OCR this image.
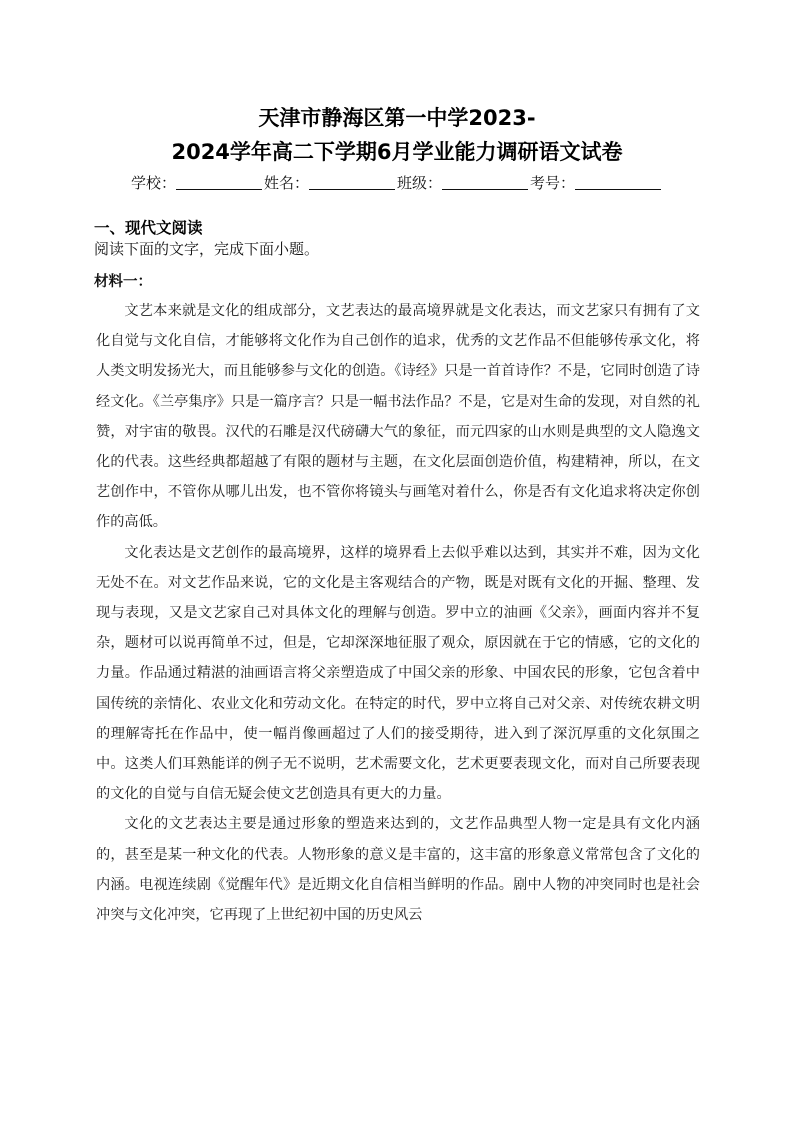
天津市静海区第一中学2023-
2024学年高二下学期6月学业能力调研语文试卷
学校：	姓名：	班级：	考号：
一、现代文阅读
阅读下面的文字，完成下面小题。
材料一：

文艺本来就是文化的组成部分，文艺表达的最高境界就是文化表达，而文艺家只有拥有了文化自觉与文化自信，才能够将文化作为自己创作的追求，优秀的文艺作品不但能够传承文化，将人类文明发扬光大，而且能够参与文化的创造。《诗经》只是一首首诗作？不是，它同时创造了诗经文化。《兰亭集序》只是一篇序言？只是一幅书法作品？不是，它是对生命的发现，对自然的礼赞，对宇宙的敬畏。汉代的石雕是汉代磅礴大气的象征，而元四家的山水则是典型的文人隐逸文化的代表。这些经典都超越了有限的题材与主题，在文化层面创造价值，构建精神，所以，在文艺创作中，不管你从哪儿出发，也不管你将镜头与画笔对着什么，你是否有文化追求将决定你创作的高低。

文化表达是文艺创作的最高境界，这样的境界看上去似乎难以达到，其实并不难，因为文化无处不在。对文艺作品来说，它的文化是主客观结合的产物，既是对既有文化的开掘、整理、发现与表现，又是文艺家自己对具体文化的理解与创造。罗中立的油画《父亲》，画面内容并不复杂，题材可以说再简单不过，但是，它却深深地征服了观众，原因就在于它的情感，它的文化的力量。作品通过精湛的油画语言将父亲塑造成了中国父亲的形象、中国农民的形象，它包含着中国传统的亲情化、农业文化和劳动文化。在特定的时代，罗中立将自己对父亲、对传统农耕文明的理解寄托在作品中，使一幅肖像画超过了人们的接受期待，进入到了深沉厚重的文化氛围之中。这类人们耳熟能详的例子无不说明，艺术需要文化，艺术更要表现文化，而对自己所要表现的文化的自觉与自信无疑会使文艺创造具有更大的力量。

文化的文艺表达主要是通过形象的塑造来达到的，文艺作品典型人物一定是具有文化内涵的，甚至是某一种文化的代表。人物形象的意义是丰富的，这丰富的形象意义常常包含了文化的内涵。电视连续剧《觉醒年代》是近期文化自信相当鲜明的作品。剧中人物的冲突同时也是社会冲突与文化冲突，它再现了上世纪初中国的历史风云
